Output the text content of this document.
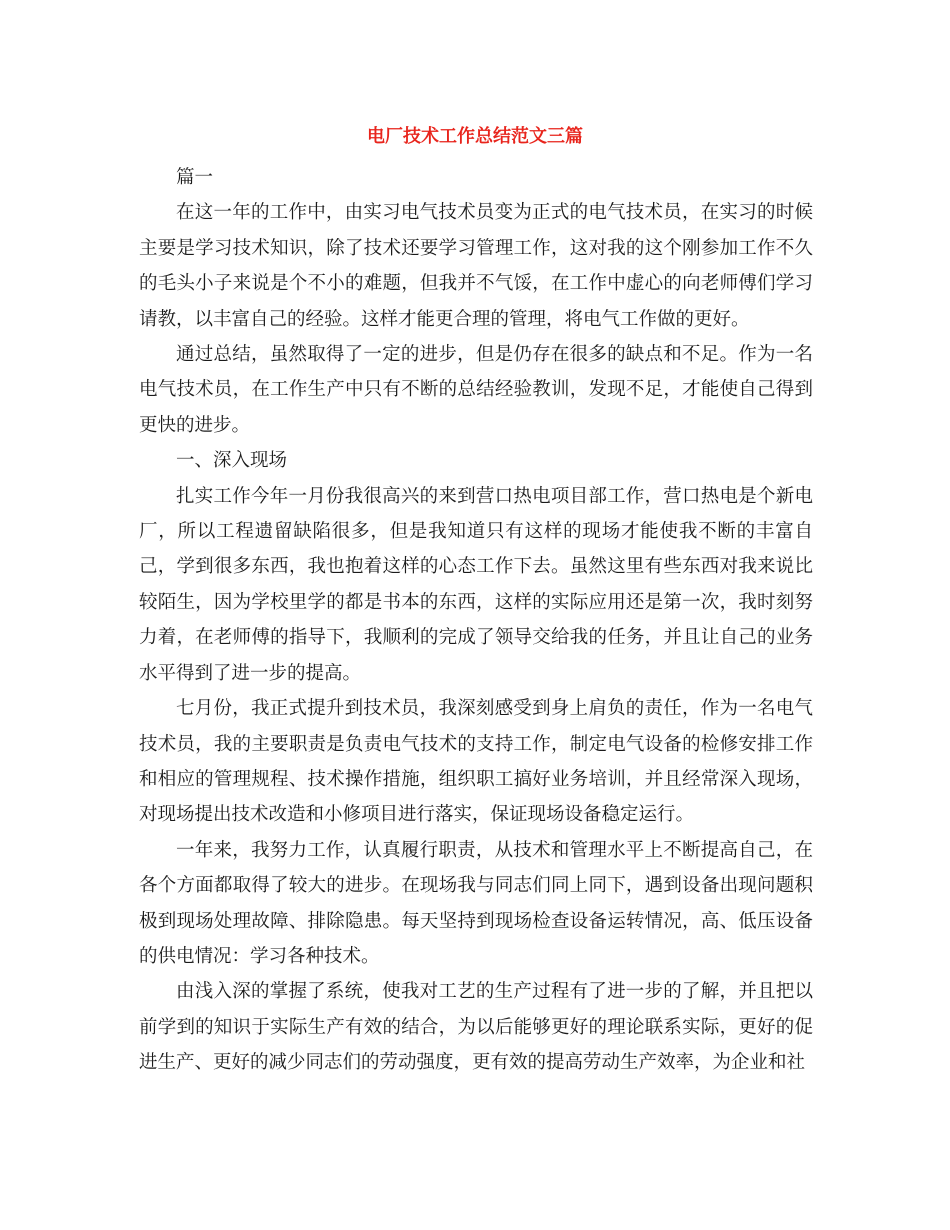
电厂技术工作总结范文三篇

篇一

在这一年的工作中，由实习电气技术员变为正式的电气技术员，在实习的时候主要是学习技术知识，除了技术还要学习管理工作，这对我的这个刚参加工作不久的毛头小子来说是个不小的难题，但我并不气馁，在工作中虚心的向老师傅们学习请教，以丰富自己的经验。这样才能更合理的管理，将电气工作做的更好。

通过总结，虽然取得了一定的进步，但是仍存在很多的缺点和不足。作为一名电气技术员，在工作生产中只有不断的总结经验教训，发现不足，才能使自己得到更快的进步。

一、深入现场

扎实工作今年一月份我很高兴的来到营口热电项目部工作，营口热电是个新电厂，所以工程遗留缺陷很多，但是我知道只有这样的现场才能使我不断的丰富自己，学到很多东西，我也抱着这样的心态工作下去。虽然这里有些东西对我来说比较陌生，因为学校里学的都是书本的东西，这样的实际应用还是第一次，我时刻努力着，在老师傅的指导下，我顺利的完成了领导交给我的任务，并且让自己的业务水平得到了进一步的提高。

七月份，我正式提升到技术员，我深刻感受到身上肩负的责任，作为一名电气技术员，我的主要职责是负责电气技术的支持工作，制定电气设备的检修安排工作和相应的管理规程、技术操作措施，组织职工搞好业务培训，并且经常深入现场，对现场提出技术改造和小修项目进行落实，保证现场设备稳定运行。

一年来，我努力工作，认真履行职责，从技术和管理水平上不断提高自己，在各个方面都取得了较大的进步。在现场我与同志们同上同下，遇到设备出现问题积极到现场处理故障、排除隐患。每天坚持到现场检查设备运转情况，高、低压设备的供电情况：学习各种技术。

由浅入深的掌握了系统，使我对工艺的生产过程有了进一步的了解，并且把以前学到的知识于实际生产有效的结合，为以后能够更好的理论联系实际，更好的促进生产、更好的减少同志们的劳动强度，更有效的提高劳动生产效率，为企业和社
